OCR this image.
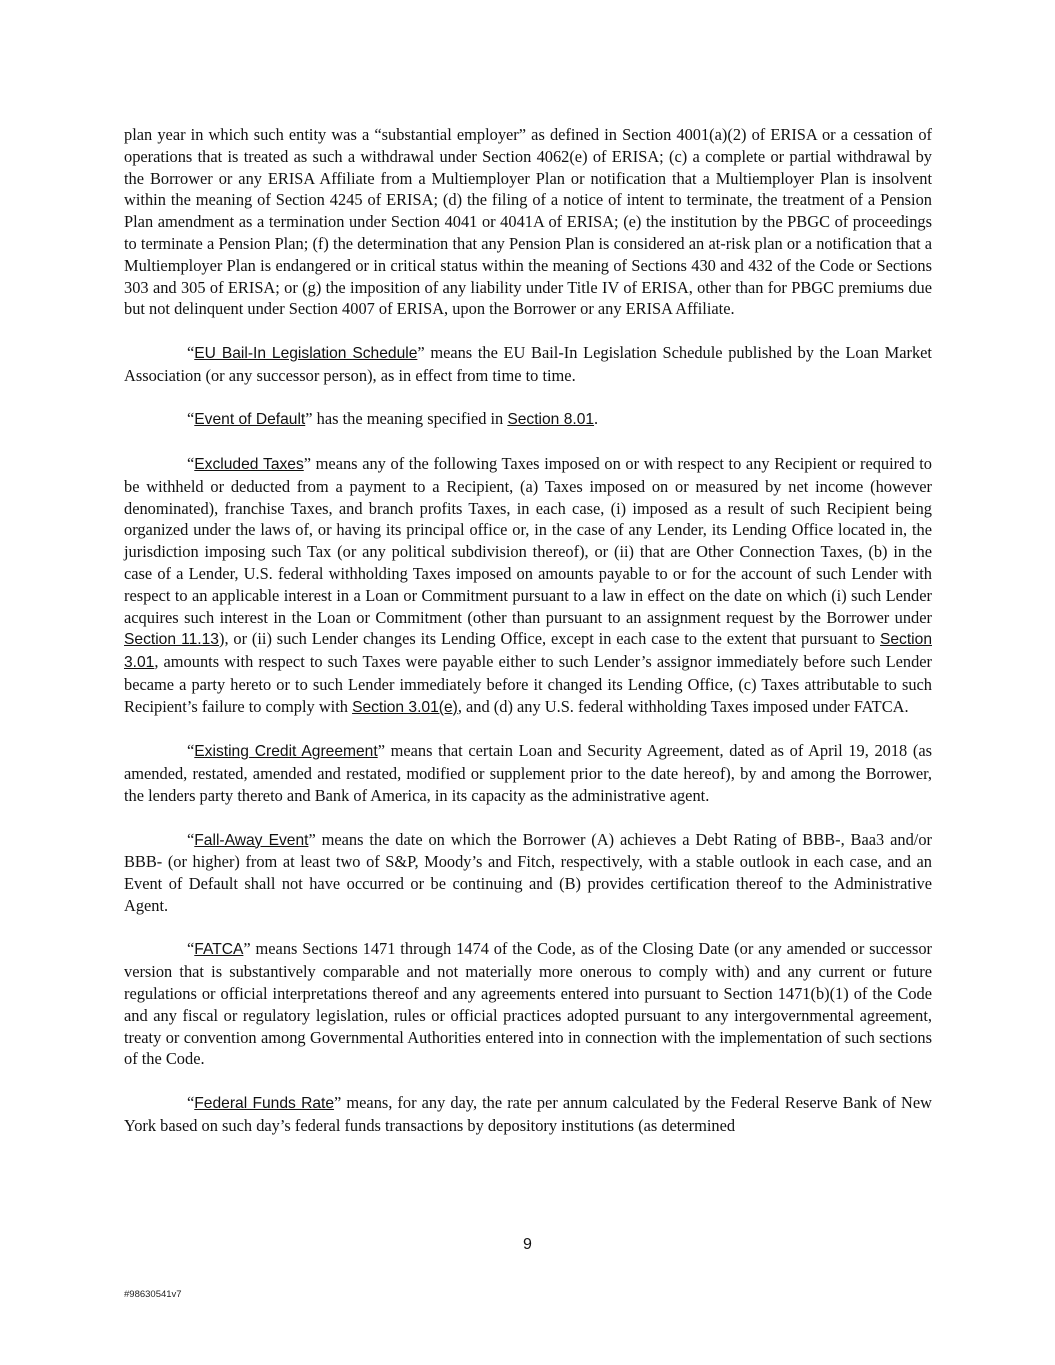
plan year in which such entity was a “substantial employer” as defined in Section 4001(a)(2) of ERISA or a cessation of operations that is treated as such a withdrawal under Section 4062(e) of ERISA; (c) a complete or partial withdrawal by the Borrower or any ERISA Affiliate from a Multiemployer Plan or notification that a Multiemployer Plan is insolvent within the meaning of Section 4245 of ERISA; (d) the filing of a notice of intent to terminate, the treatment of a Pension Plan amendment as a termination under Section 4041 or 4041A of ERISA; (e) the institution by the PBGC of proceedings to terminate a Pension Plan; (f) the determination that any Pension Plan is considered an at-risk plan or a notification that a Multiemployer Plan is endangered or in critical status within the meaning of Sections 430 and 432 of the Code or Sections 303 and 305 of ERISA; or (g) the imposition of any liability under Title IV of ERISA, other than for PBGC premiums due but not delinquent under Section 4007 of ERISA, upon the Borrower or any ERISA Affiliate.

“EU Bail-In Legislation Schedule” means the EU Bail-In Legislation Schedule published by the Loan Market Association (or any successor person), as in effect from time to time.

“Event of Default” has the meaning specified in Section 8.01.

“Excluded Taxes” means any of the following Taxes imposed on or with respect to any Recipient or required to be withheld or deducted from a payment to a Recipient, (a) Taxes imposed on or measured by net income (however denominated), franchise Taxes, and branch profits Taxes, in each case, (i) imposed as a result of such Recipient being organized under the laws of, or having its principal office or, in the case of any Lender, its Lending Office located in, the jurisdiction imposing such Tax (or any political subdivision thereof), or (ii) that are Other Connection Taxes, (b) in the case of a Lender, U.S. federal withholding Taxes imposed on amounts payable to or for the account of such Lender with respect to an applicable interest in a Loan or Commitment pursuant to a law in effect on the date on which (i) such Lender acquires such interest in the Loan or Commitment (other than pursuant to an assignment request by the Borrower under Section 11.13), or (ii) such Lender changes its Lending Office, except in each case to the extent that pursuant to Section 3.01, amounts with respect to such Taxes were payable either to such Lender’s assignor immediately before such Lender became a party hereto or to such Lender immediately before it changed its Lending Office, (c) Taxes attributable to such Recipient’s failure to comply with Section 3.01(e), and (d) any U.S. federal withholding Taxes imposed under FATCA.

“Existing Credit Agreement” means that certain Loan and Security Agreement, dated as of April 19, 2018 (as amended, restated, amended and restated, modified or supplement prior to the date hereof), by and among the Borrower, the lenders party thereto and Bank of America, in its capacity as the administrative agent.

“Fall-Away Event” means the date on which the Borrower (A) achieves a Debt Rating of BBB-, Baa3 and/or BBB- (or higher) from at least two of S&P, Moody’s and Fitch, respectively, with a stable outlook in each case, and an Event of Default shall not have occurred or be continuing and (B) provides certification thereof to the Administrative Agent.

“FATCA” means Sections 1471 through 1474 of the Code, as of the Closing Date (or any amended or successor version that is substantively comparable and not materially more onerous to comply with) and any current or future regulations or official interpretations thereof and any agreements entered into pursuant to Section 1471(b)(1) of the Code and any fiscal or regulatory legislation, rules or official practices adopted pursuant to any intergovernmental agreement, treaty or convention among Governmental Authorities entered into in connection with the implementation of such sections of the Code.

“Federal Funds Rate” means, for any day, the rate per annum calculated by the Federal Reserve Bank of New York based on such day’s federal funds transactions by depository institutions (as determined

9
#98630541v7
